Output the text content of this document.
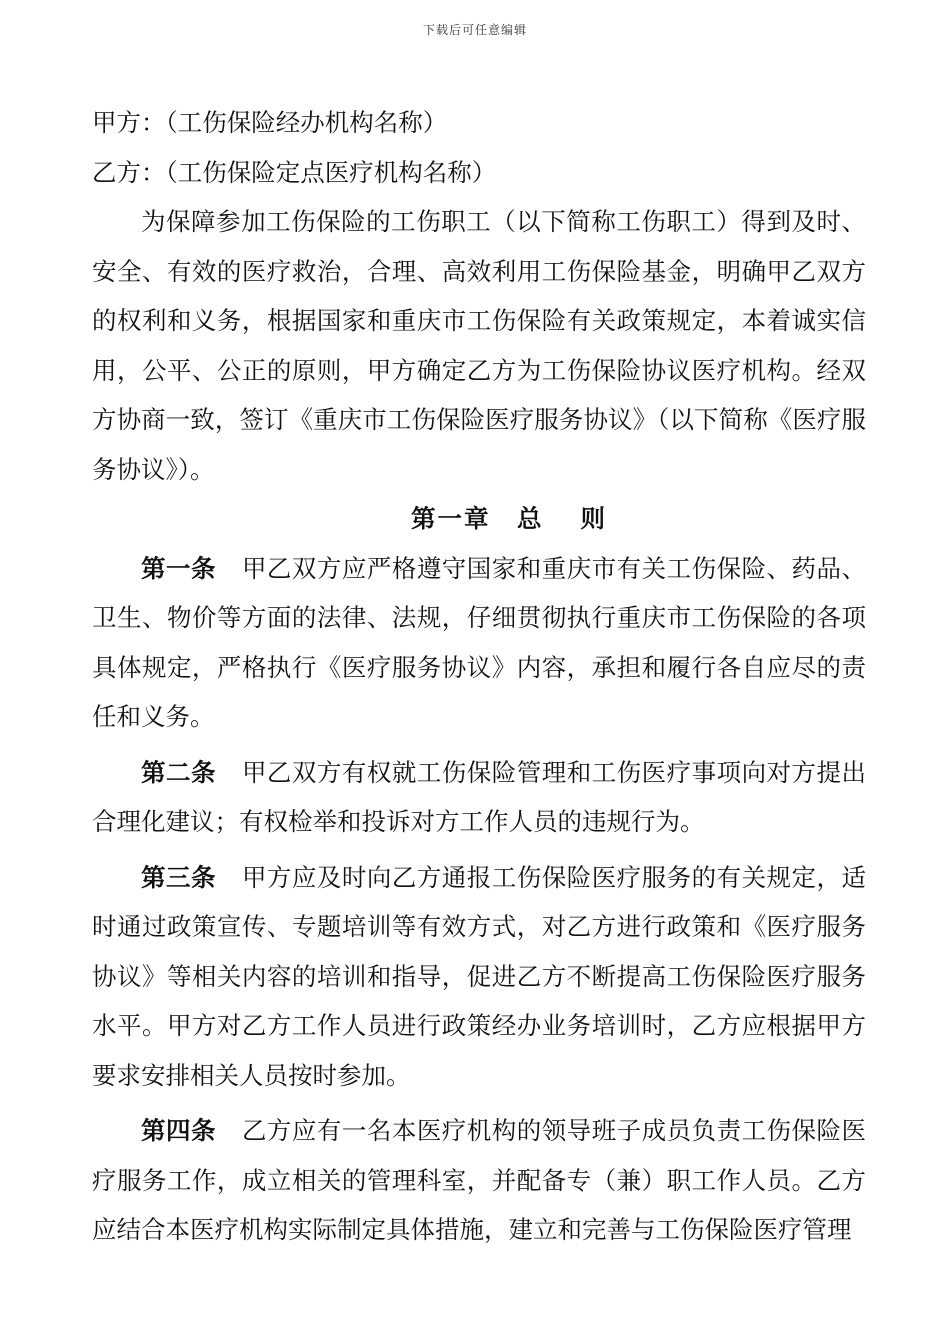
下载后可任意编辑

甲方：（工伤保险经办机构名称）

乙方：（工伤保险定点医疗机构名称）

为保障参加工伤保险的工伤职工（以下简称工伤职工）得到及时、安全、有效的医疗救治，合理、高效利用工伤保险基金，明确甲乙双方的权利和义务，根据国家和重庆市工伤保险有关政策规定，本着诚实信用，公平、公正的原则，甲方确定乙方为工伤保险协议医疗机构。经双方协商一致，签订《重庆市工伤保险医疗服务协议》（以下简称《医疗服务协议》）。

第一章　总　 则

第一条 甲乙双方应严格遵守国家和重庆市有关工伤保险、药品、卫生、物价等方面的法律、法规，仔细贯彻执行重庆市工伤保险的各项具体规定，严格执行《医疗服务协议》内容，承担和履行各自应尽的责任和义务。

第二条 甲乙双方有权就工伤保险管理和工伤医疗事项向对方提出合理化建议；有权检举和投诉对方工作人员的违规行为。

第三条 甲方应及时向乙方通报工伤保险医疗服务的有关规定，适时通过政策宣传、专题培训等有效方式，对乙方进行政策和《医疗服务协议》等相关内容的培训和指导，促进乙方不断提高工伤保险医疗服务水平。甲方对乙方工作人员进行政策经办业务培训时，乙方应根据甲方要求安排相关人员按时参加。

第四条 乙方应有一名本医疗机构的领导班子成员负责工伤保险医疗服务工作，成立相关的管理科室，并配备专（兼）职工作人员。乙方应结合本医疗机构实际制定具体措施，建立和完善与工伤保险医疗管理
